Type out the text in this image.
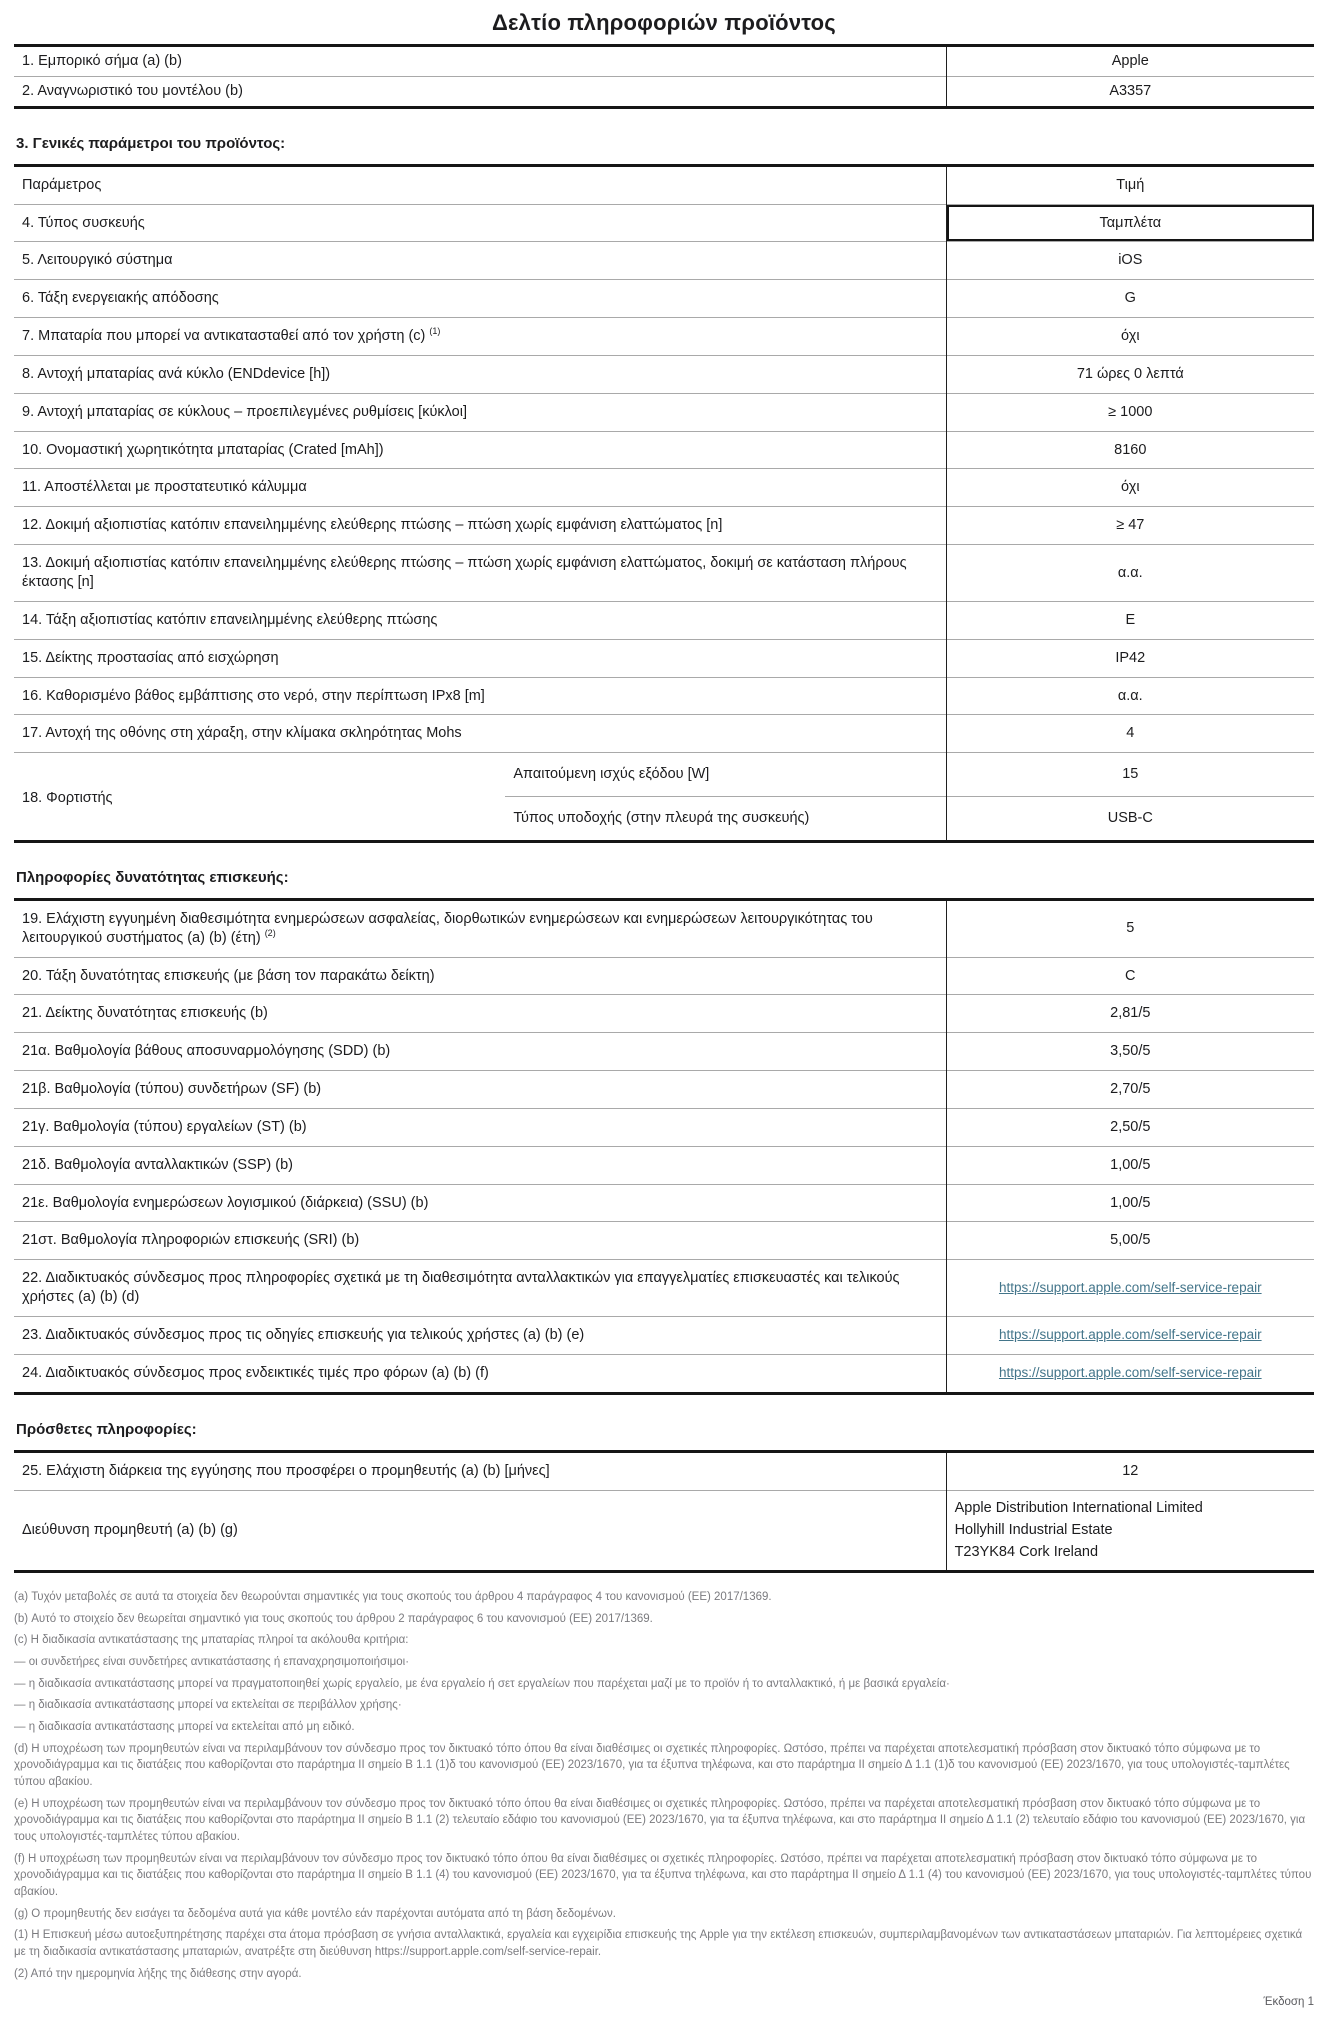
Δελτίο πληροφοριών προϊόντος
1. Εμπορικό σήμα (a) (b)	Apple
2. Αναγνωριστικό του μοντέλου (b)	A3357
3. Γενικές παράμετροι του προϊόντος:
Παράμετρος		Τιμή
4. Τύπος συσκευής		Ταμπλέτα
5. Λειτουργικό σύστημα		iOS
6. Τάξη ενεργειακής απόδοσης		G
7. Μπαταρία που μπορεί να αντικατασταθεί από τον χρήστη (c) $^{(1)}$		όχι
8. Αντοχή μπαταρίας ανά κύκλο (ENDdevice [h])		71 ώρες 0 λεπτά
9. Αντοχή μπαταρίας σε κύκλους – προεπιλεγμένες ρυθμίσεις [κύκλοι]		≥ 1000
10. Ονομαστική χωρητικότητα μπαταρίας (Crated [mAh])		8160
11. Αποστέλλεται με προστατευτικό κάλυμμα		όχι
12. Δοκιμή αξιοπιστίας κατόπιν επανειλημμένης ελεύθερης πτώσης – πτώση χωρίς εμφάνιση ελαττώματος [n]		≥ 47
13. Δοκιμή αξιοπιστίας κατόπιν επανειλημμένης ελεύθερης πτώσης – πτώση χωρίς εμφάνιση ελαττώματος, δοκιμή σε κατάσταση πλήρους έκτασης [n]		α.α.
14. Τάξη αξιοπιστίας κατόπιν επανειλημμένης ελεύθερης πτώσης		E
15. Δείκτης προστασίας από εισχώρηση		IP42
16. Καθορισμένο βάθος εμβάπτισης στο νερό, στην περίπτωση IPx8 [m]		α.α.
17. Αντοχή της οθόνης στη χάραξη, στην κλίμακα σκληρότητας Mohs		4
18. Φορτιστής	Απαιτούμενη ισχύς εξόδου [W]	15
	Τύπος υποδοχής (στην πλευρά της συσκευής)	USB-C
Πληροφορίες δυνατότητας επισκευής:
19. Ελάχιστη εγγυημένη διαθεσιμότητα ενημερώσεων ασφαλείας, διορθωτικών ενημερώσεων και ενημερώσεων λειτουργικότητας του λειτουργικού συστήματος (a) (b) (έτη) $^{(2)}$	5
20. Τάξη δυνατότητας επισκευής (με βάση τον παρακάτω δείκτη)	C
21. Δείκτης δυνατότητας επισκευής (b)	2,81/5
21α. Βαθμολογία βάθους αποσυναρμολόγησης (SDD) (b)	3,50/5
21β. Βαθμολογία (τύπου) συνδετήρων (SF) (b)	2,70/5
21γ. Βαθμολογία (τύπου) εργαλείων (ST) (b)	2,50/5
21δ. Βαθμολογία ανταλλακτικών (SSP) (b)	1,00/5
21ε. Βαθμολογία ενημερώσεων λογισμικού (διάρκεια) (SSU) (b)	1,00/5
21στ. Βαθμολογία πληροφοριών επισκευής (SRI) (b)	5,00/5
22. Διαδικτυακός σύνδεσμος προς πληροφορίες σχετικά με τη διαθεσιμότητα ανταλλακτικών για επαγγελματίες επισκευαστές και τελικούς χρήστες (a) (b) (d)	https://support.apple.com/self-service-repair
23. Διαδικτυακός σύνδεσμος προς τις οδηγίες επισκευής για τελικούς χρήστες (a) (b) (e)	https://support.apple.com/self-service-repair
24. Διαδικτυακός σύνδεσμος προς ενδεικτικές τιμές προ φόρων (a) (b) (f)	https://support.apple.com/self-service-repair
Πρόσθετες πληροφορίες:
25. Ελάχιστη διάρκεια της εγγύησης που προσφέρει ο προμηθευτής (a) (b) [μήνες]	12
Διεύθυνση προμηθευτή (a) (b) (g)	Apple Distribution International Limited
Hollyhill Industrial Estate
T23YK84 Cork Ireland

(a) Τυχόν μεταβολές σε αυτά τα στοιχεία δεν θεωρούνται σημαντικές για τους σκοπούς του άρθρου 4 παράγραφος 4 του κανονισμού (ΕΕ) 2017/1369.

(b) Αυτό το στοιχείο δεν θεωρείται σημαντικό για τους σκοπούς του άρθρου 2 παράγραφος 6 του κανονισμού (ΕΕ) 2017/1369.

(c) Η διαδικασία αντικατάστασης της μπαταρίας πληροί τα ακόλουθα κριτήρια:

— οι συνδετήρες είναι συνδετήρες αντικατάστασης ή επαναχρησιμοποιήσιμοι·

— η διαδικασία αντικατάστασης μπορεί να πραγματοποιηθεί χωρίς εργαλείο, με ένα εργαλείο ή σετ εργαλείων που παρέχεται μαζί με το προϊόν ή το ανταλλακτικό, ή με βασικά εργαλεία·

— η διαδικασία αντικατάστασης μπορεί να εκτελείται σε περιβάλλον χρήσης·

— η διαδικασία αντικατάστασης μπορεί να εκτελείται από μη ειδικό.

(d) Η υποχρέωση των προμηθευτών είναι να περιλαμβάνουν τον σύνδεσμο προς τον δικτυακό τόπο όπου θα είναι διαθέσιμες οι σχετικές πληροφορίες. Ωστόσο, πρέπει να παρέχεται αποτελεσματική πρόσβαση στον δικτυακό τόπο σύμφωνα με το χρονοδιάγραμμα και τις διατάξεις που καθορίζονται στο παράρτημα ΙΙ σημείο Β 1.1 (1)δ του κανονισμού (ΕΕ) 2023/1670, για τα έξυπνα τηλέφωνα, και στο παράρτημα ΙΙ σημείο Δ 1.1 (1)δ του κανονισμού (ΕΕ) 2023/1670, για τους υπολογιστές-ταμπλέτες τύπου αβακίου.

(e) Η υποχρέωση των προμηθευτών είναι να περιλαμβάνουν τον σύνδεσμο προς τον δικτυακό τόπο όπου θα είναι διαθέσιμες οι σχετικές πληροφορίες. Ωστόσο, πρέπει να παρέχεται αποτελεσματική πρόσβαση στον δικτυακό τόπο σύμφωνα με το χρονοδιάγραμμα και τις διατάξεις που καθορίζονται στο παράρτημα ΙΙ σημείο Β 1.1 (2) τελευταίο εδάφιο του κανονισμού (ΕΕ) 2023/1670, για τα έξυπνα τηλέφωνα, και στο παράρτημα ΙΙ σημείο Δ 1.1 (2) τελευταίο εδάφιο του κανονισμού (ΕΕ) 2023/1670, για τους υπολογιστές-ταμπλέτες τύπου αβακίου.

(f) Η υποχρέωση των προμηθευτών είναι να περιλαμβάνουν τον σύνδεσμο προς τον δικτυακό τόπο όπου θα είναι διαθέσιμες οι σχετικές πληροφορίες. Ωστόσο, πρέπει να παρέχεται αποτελεσματική πρόσβαση στον δικτυακό τόπο σύμφωνα με το χρονοδιάγραμμα και τις διατάξεις που καθορίζονται στο παράρτημα ΙΙ σημείο Β 1.1 (4) του κανονισμού (ΕΕ) 2023/1670, για τα έξυπνα τηλέφωνα, και στο παράρτημα ΙΙ σημείο Δ 1.1 (4) του κανονισμού (ΕΕ) 2023/1670, για τους υπολογιστές-ταμπλέτες τύπου αβακίου.

(g) Ο προμηθευτής δεν εισάγει τα δεδομένα αυτά για κάθε μοντέλο εάν παρέχονται αυτόματα από τη βάση δεδομένων.

(1) Η Επισκευή μέσω αυτοεξυπηρέτησης παρέχει στα άτομα πρόσβαση σε γνήσια ανταλλακτικά, εργαλεία και εγχειρίδια επισκευής της Apple για την εκτέλεση επισκευών, συμπεριλαμβανομένων των αντικαταστάσεων μπαταριών. Για λεπτομέρειες σχετικά με τη διαδικασία αντικατάστασης μπαταριών, ανατρέξτε στη διεύθυνση https://support.apple.com/self-service-repair.

(2) Από την ημερομηνία λήξης της διάθεσης στην αγορά.

Έκδοση 1
